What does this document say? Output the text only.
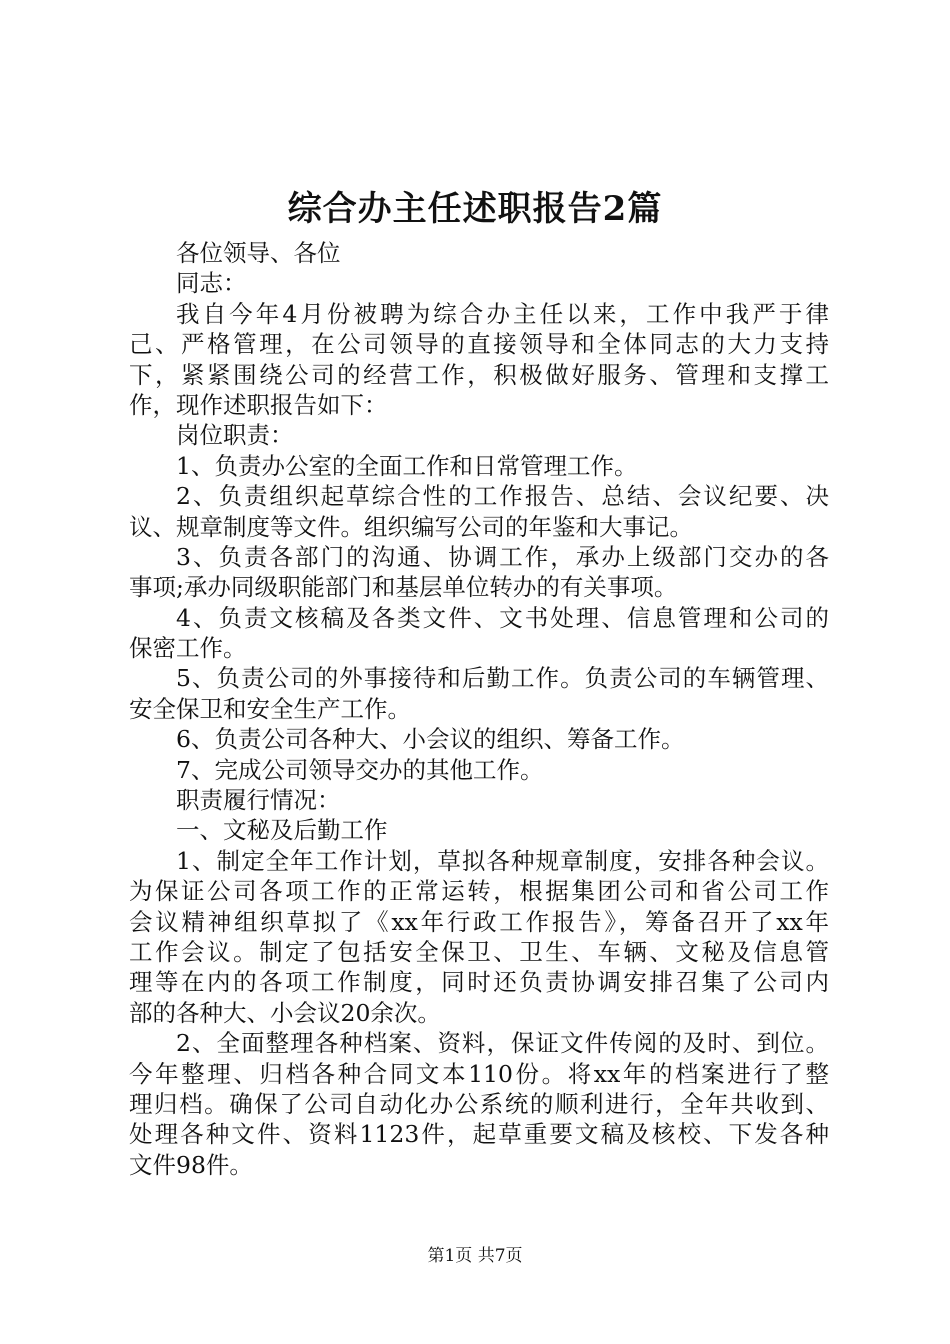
综合办主任述职报告2篇
各位领导、各位
同志：
我自今年4月份被聘为综合办主任以来，工作中我严于律
己、严格管理，在公司领导的直接领导和全体同志的大力支持
下，紧紧围绕公司的经营工作，积极做好服务、管理和支撑工
作，现作述职报告如下：
岗位职责：
1、负责办公室的全面工作和日常管理工作。
2、负责组织起草综合性的工作报告、总结、会议纪要、决
议、规章制度等文件。组织编写公司的年鉴和大事记。
3、负责各部门的沟通、协调工作，承办上级部门交办的各
事项;承办同级职能部门和基层单位转办的有关事项。
4、负责文核稿及各类文件、文书处理、信息管理和公司的
保密工作。
5、负责公司的外事接待和后勤工作。负责公司的车辆管理、
安全保卫和安全生产工作。
6、负责公司各种大、小会议的组织、筹备工作。
7、完成公司领导交办的其他工作。
职责履行情况：
一、文秘及后勤工作
1、制定全年工作计划，草拟各种规章制度，安排各种会议。
为保证公司各项工作的正常运转，根据集团公司和省公司工作
会议精神组织草拟了《xx年行政工作报告》，筹备召开了xx年
工作会议。制定了包括安全保卫、卫生、车辆、文秘及信息管
理等在内的各项工作制度，同时还负责协调安排召集了公司内
部的各种大、小会议20余次。
2、全面整理各种档案、资料，保证文件传阅的及时、到位。
今年整理、归档各种合同文本110份。将xx年的档案进行了整
理归档。确保了公司自动化办公系统的顺利进行，全年共收到、
处理各种文件、资料1123件，起草重要文稿及核校、下发各种
文件98件。
第1页 共7页
